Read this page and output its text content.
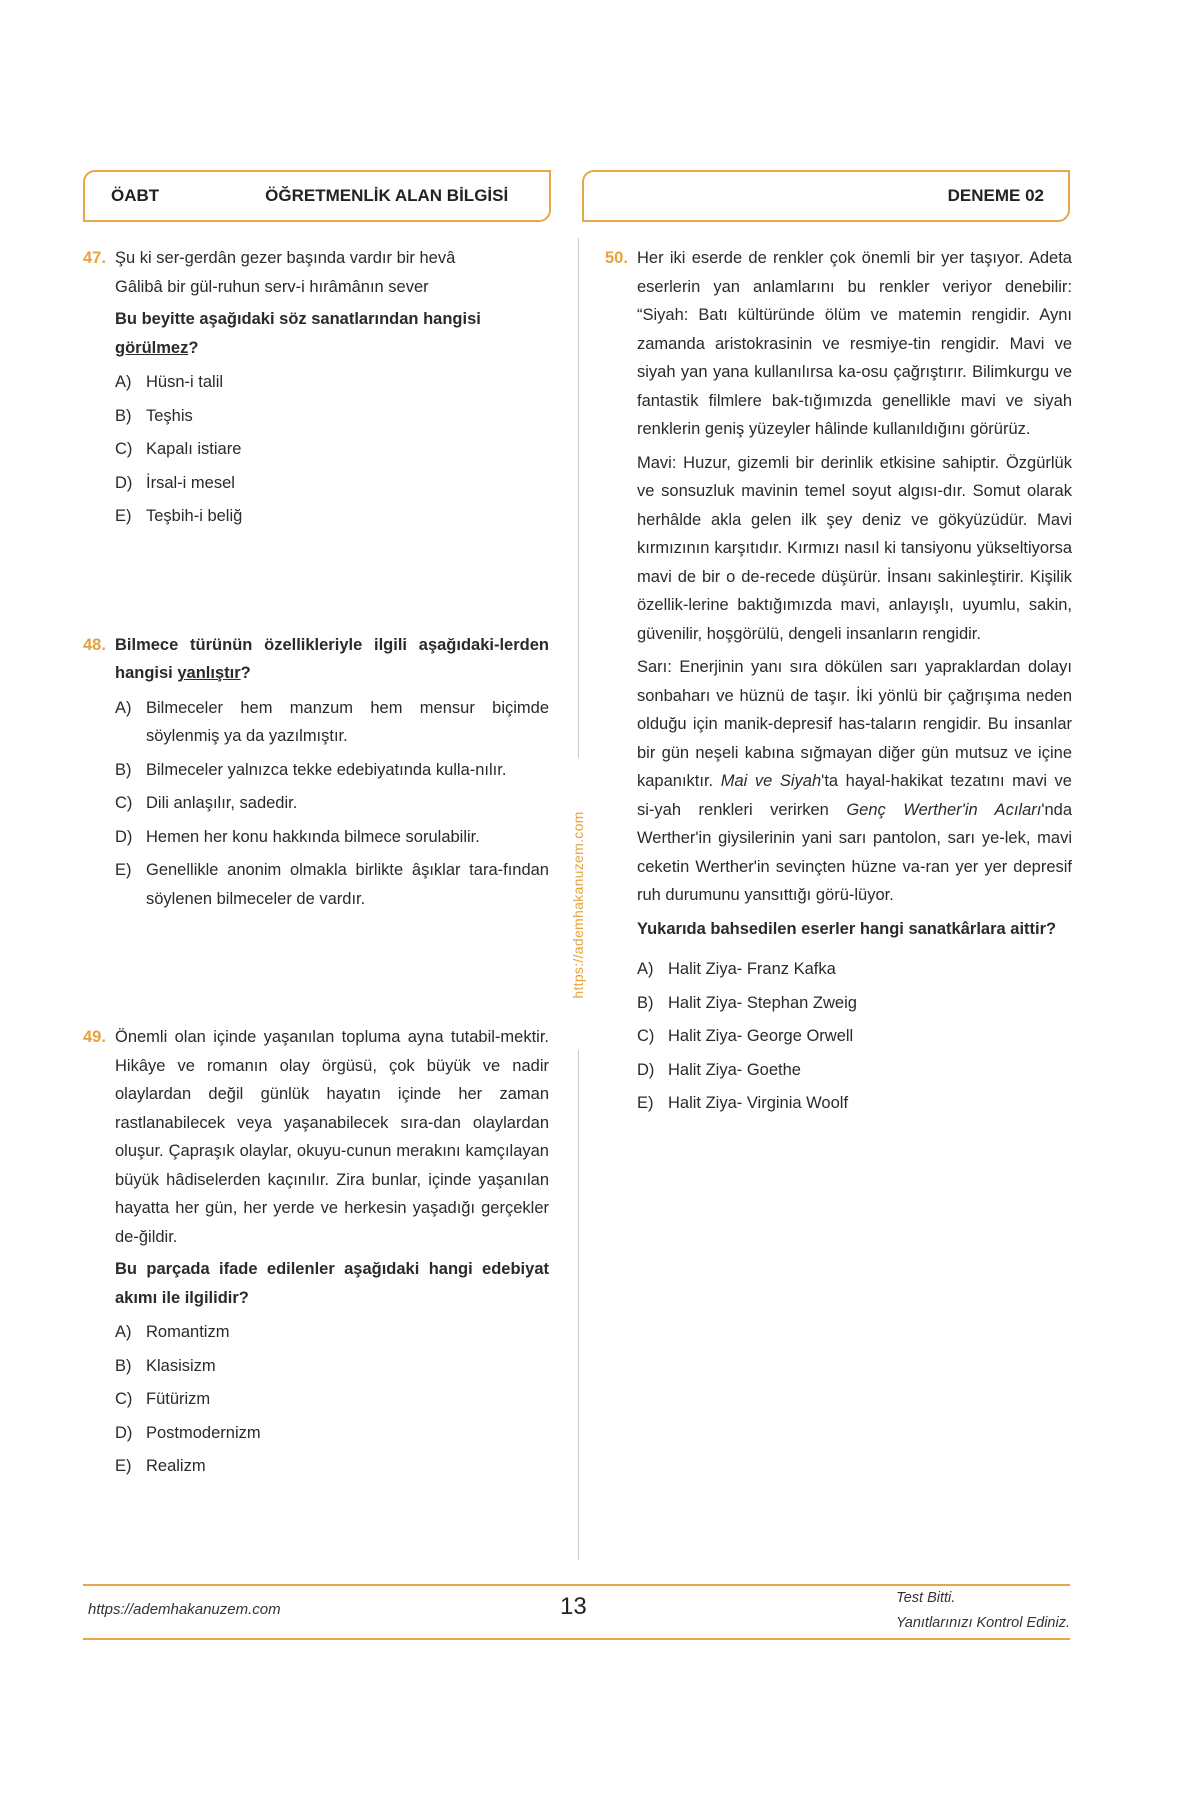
ÖABT	ÖĞRETMENLİK ALAN BİLGİSİ	DENEME 02
47. Şu ki ser-gerdân gezer başında vardır bir hevâ

Gâlibâ bir gül-ruhun serv-i hırâmânın sever

Bu beyitte aşağıdaki söz sanatlarından hangisi görülmez?

A) Hüsn-i talil
B) Teşhis
C) Kapalı istiare
D) İrsal-i mesel
E) Teşbih-i beliğ
48. Bilmece türünün özellikleriyle ilgili aşağıdaki-lerden hangisi yanlıştır?

A) Bilmeceler hem manzum hem mensur biçimde söylenmiş ya da yazılmıştır.
B) Bilmeceler yalnızca tekke edebiyatında kulla-nılır.
C) Dili anlaşılır, sadedir.
D) Hemen her konu hakkında bilmece sorulabilir.
E) Genellikle anonim olmakla birlikte âşıklar tara-fından söylenen bilmeceler de vardır.
49. Önemli olan içinde yaşanılan topluma ayna tutabil-mektir. Hikâye ve romanın olay örgüsü, çok büyük ve nadir olaylardan değil günlük hayatın içinde her zaman rastlanabilecek veya yaşanabilecek sıra-dan olaylardan oluşur. Çapraşık olaylar, okuyu-cunun merakını kamçılayan büyük hâdiselerden kaçınılır. Zira bunlar, içinde yaşanılan hayatta her gün, her yerde ve herkesin yaşadığı gerçekler de-ğildir.

Bu parçada ifade edilenler aşağıdaki hangi edebiyat akımı ile ilgilidir?

A) Romantizm
B) Klasisizm
C) Fütürizm
D) Postmodernizm
E) Realizm
https://ademhakanuzem.com
50. Her iki eserde de renkler çok önemli bir yer taşıyor. Adeta eserlerin yan anlamlarını bu renkler veriyor denebilir: “Siyah: Batı kültüründe ölüm ve matemin rengidir. Aynı zamanda aristokrasinin ve resmiye-tin rengidir. Mavi ve siyah yan yana kullanılırsa ka-osu çağrıştırır. Bilimkurgu ve fantastik filmlere bak-tığımızda genellikle mavi ve siyah renklerin geniş yüzeyler hâlinde kullanıldığını görürüz.

Mavi: Huzur, gizemli bir derinlik etkisine sahiptir. Özgürlük ve sonsuzluk mavinin temel soyut algısı-dır. Somut olarak herhâlde akla gelen ilk şey deniz ve gökyüzüdür. Mavi kırmızının karşıtıdır. Kırmızı nasıl ki tansiyonu yükseltiyorsa mavi de bir o de-recede düşürür. İnsanı sakinleştirir. Kişilik özellik-lerine baktığımızda mavi, anlayışlı, uyumlu, sakin, güvenilir, hoşgörülü, dengeli insanların rengidir.

Sarı: Enerjinin yanı sıra dökülen sarı yapraklardan dolayı sonbaharı ve hüznü de taşır. İki yönlü bir çağrışıma neden olduğu için manik-depresif has-taların rengidir. Bu insanlar bir gün neşeli kabına sığmayan diğer gün mutsuz ve içine kapanıktır. Mai ve Siyah'ta hayal-hakikat tezatını mavi ve si-yah renkleri verirken Genç Werther'in Acıları'nda Werther'in giysilerinin yani sarı pantolon, sarı ye-lek, mavi ceketin Werther'in sevinçten hüzne va-ran yer yer depresif ruh durumunu yansıttığı görü-lüyor.

Yukarıda bahsedilen eserler hangi sanatkârlara aittir?

A) Halit Ziya- Franz Kafka
B) Halit Ziya- Stephan Zweig
C) Halit Ziya- George Orwell
D) Halit Ziya- Goethe
E) Halit Ziya- Virginia Woolf
https://ademhakanuzem.com	13	Test Bitti.
Yanıtlarınızı Kontrol Ediniz.
